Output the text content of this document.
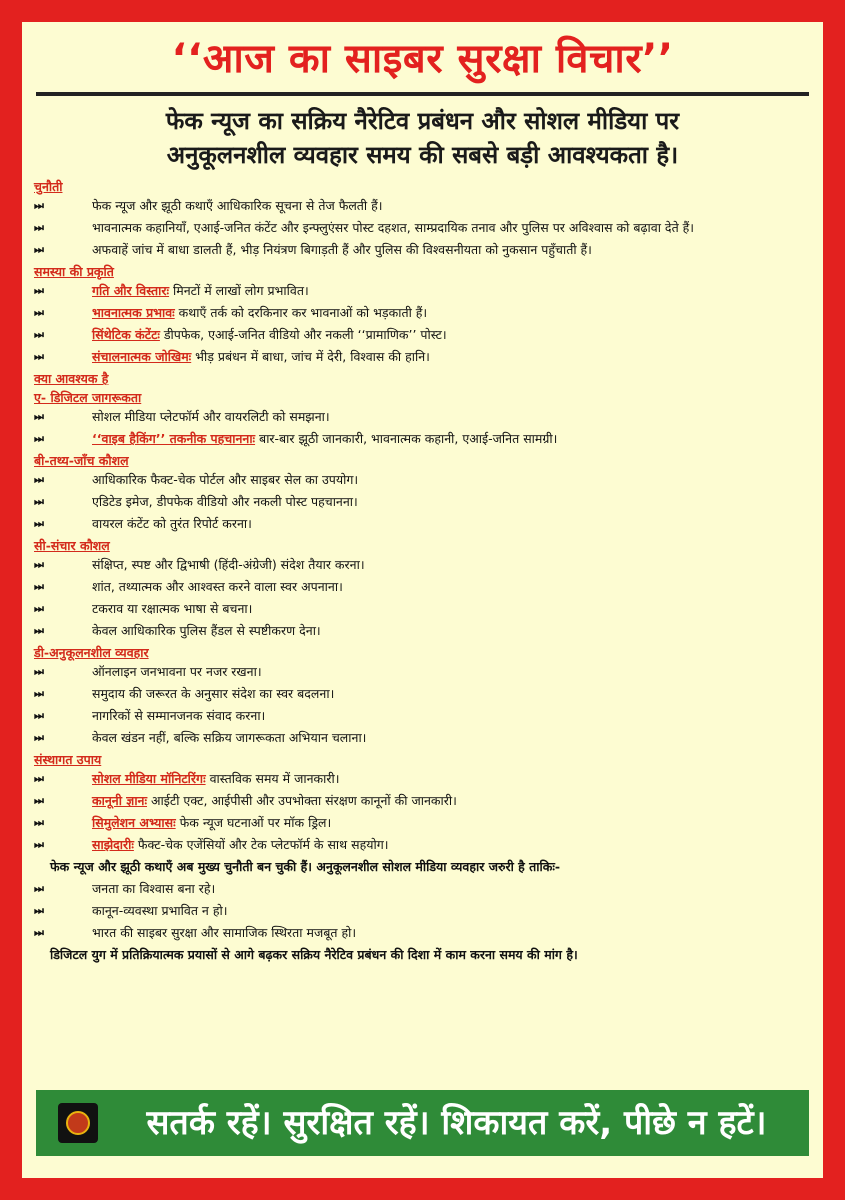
‘‘आज का साइबर सुरक्षा विचार’’
फेक न्यूज का सक्रिय नैरेटिव प्रबंधन और सोशल मीडिया पर
अनुकूलनशील व्यवहार समय की सबसे बड़ी आवश्यकता है।
चुनौती
⏭	फेक न्यूज और झूठी कथाएँ आधिकारिक सूचना से तेज फैलती हैं।
⏭	भावनात्मक कहानियाँ, एआई-जनित कंटेंट और इन्फ्लुएंसर पोस्ट दहशत, साम्प्रदायिक तनाव और पुलिस पर अविश्वास को बढ़ावा देते हैं।
⏭	अफवाहें जांच में बाधा डालती हैं, भीड़ नियंत्रण बिगाड़ती हैं और पुलिस की विश्वसनीयता को नुकसान पहुँचाती हैं।
समस्या की प्रकृति
⏭	गति और विस्तारः मिनटों में लाखों लोग प्रभावित।
⏭	भावनात्मक प्रभावः कथाएँ तर्क को दरकिनार कर भावनाओं को भड़काती हैं।
⏭	सिंथेटिक कंटेंटः डीपफेक, एआई-जनित वीडियो और नकली ‘‘प्रामाणिक’’ पोस्ट।
⏭	संचालनात्मक जोखिमः भीड़ प्रबंधन में बाधा, जांच में देरी, विश्वास की हानि।
क्या आवश्यक है
ए- डिजिटल जागरूकता
⏭	सोशल मीडिया प्लेटफॉर्म और वायरलिटी को समझना।
⏭	‘‘वाइब हैकिंग’’ तकनीक पहचाननाः बार-बार झूठी जानकारी, भावनात्मक कहानी, एआई-जनित सामग्री।
बी-तथ्य-जाँच कौशल
⏭	आधिकारिक फैक्ट-चेक पोर्टल और साइबर सेल का उपयोग।
⏭	एडिटेड इमेज, डीपफेक वीडियो और नकली पोस्ट पहचानना।
⏭	वायरल कंटेंट को तुरंत रिपोर्ट करना।
सी-संचार कौशल
⏭	संक्षिप्त, स्पष्ट और द्विभाषी (हिंदी-अंग्रेजी) संदेश तैयार करना।
⏭	शांत, तथ्यात्मक और आश्वस्त करने वाला स्वर अपनाना।
⏭	टकराव या रक्षात्मक भाषा से बचना।
⏭	केवल आधिकारिक पुलिस हैंडल से स्पष्टीकरण देना।
डी-अनुकूलनशील व्यवहार
⏭	ऑनलाइन जनभावना पर नजर रखना।
⏭	समुदाय की जरूरत के अनुसार संदेश का स्वर बदलना।
⏭	नागरिकों से सम्मानजनक संवाद करना।
⏭	केवल खंडन नहीं, बल्कि सक्रिय जागरूकता अभियान चलाना।
संस्थागत उपाय
⏭	सोशल मीडिया मॉनिटरिंगः वास्तविक समय में जानकारी।
⏭	कानूनी ज्ञानः आईटी एक्ट, आईपीसी और उपभोक्ता संरक्षण कानूनों की जानकारी।
⏭	सिमुलेशन अभ्यासः फेक न्यूज घटनाओं पर मॉक ड्रिल।
⏭	साझेदारीः फैक्ट-चेक एजेंसियों और टेक प्लेटफॉर्म के साथ सहयोग।
फेक न्यूज और झूठी कथाएँ अब मुख्य चुनौती बन चुकी हैं। अनुकूलनशील सोशल मीडिया व्यवहार जरुरी है ताकिः-
⏭	जनता का विश्वास बना रहे।
⏭	कानून-व्यवस्था प्रभावित न हो।
⏭	भारत की साइबर सुरक्षा और सामाजिक स्थिरता मजबूत हो।
डिजिटल युग में प्रतिक्रियात्मक प्रयासों से आगे बढ़कर सक्रिय नैरेटिव प्रबंधन की दिशा में काम करना समय की मांग है।
सतर्क रहें। सुरक्षित रहें। शिकायत करें, पीछे न हटें।
